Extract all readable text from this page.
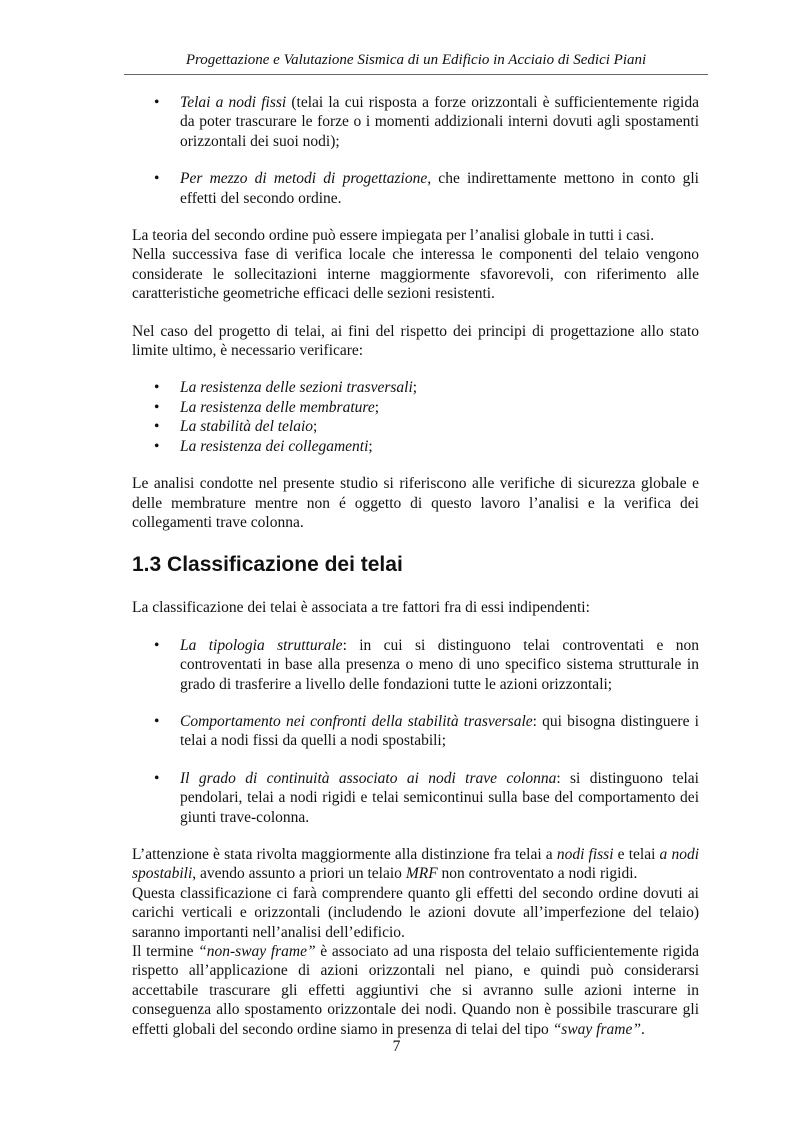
Progettazione e Valutazione Sismica di un Edificio in Acciaio di Sedici Piani
• Telai a nodi fissi (telai la cui risposta a forze orizzontali è sufficientemente rigida da poter trascurare le forze o i momenti addizionali interni dovuti agli spostamenti orizzontali dei suoi nodi);
• Per mezzo di metodi di progettazione, che indirettamente mettono in conto gli effetti del secondo ordine.

La teoria del secondo ordine può essere impiegata per l’analisi globale in tutti i casi.

Nella successiva fase di verifica locale che interessa le componenti del telaio vengono considerate le sollecitazioni interne maggiormente sfavorevoli, con riferimento alle caratteristiche geometriche efficaci delle sezioni resistenti.

Nel caso del progetto di telai, ai fini del rispetto dei principi di progettazione allo stato limite ultimo, è necessario verificare:

• La resistenza delle sezioni trasversali;
• La resistenza delle membrature;
• La stabilità del telaio;
• La resistenza dei collegamenti;

Le analisi condotte nel presente studio si riferiscono alle verifiche di sicurezza globale e delle membrature mentre non é oggetto di questo lavoro l’analisi e la verifica dei collegamenti trave colonna.

1.3 Classificazione dei telai

La classificazione dei telai è associata a tre fattori fra di essi indipendenti:

• La tipologia strutturale: in cui si distinguono telai controventati e non controventati in base alla presenza o meno di uno specifico sistema strutturale in grado di trasferire a livello delle fondazioni tutte le azioni orizzontali;
• Comportamento nei confronti della stabilità trasversale: qui bisogna distinguere i telai a nodi fissi da quelli a nodi spostabili;
• Il grado di continuità associato ai nodi trave colonna: si distinguono telai pendolari, telai a nodi rigidi e telai semicontinui sulla base del comportamento dei giunti trave-colonna.

L’attenzione è stata rivolta maggiormente alla distinzione fra telai a nodi fissi e telai a nodi spostabili, avendo assunto a priori un telaio MRF non controventato a nodi rigidi.

Questa classificazione ci farà comprendere quanto gli effetti del secondo ordine dovuti ai carichi verticali e orizzontali (includendo le azioni dovute all’imperfezione del telaio) saranno importanti nell’analisi dell’edificio.

Il termine “non-sway frame” è associato ad una risposta del telaio sufficientemente rigida rispetto all’applicazione di azioni orizzontali nel piano, e quindi può considerarsi accettabile trascurare gli effetti aggiuntivi che si avranno sulle azioni interne in conseguenza allo spostamento orizzontale dei nodi. Quando non è possibile trascurare gli effetti globali del secondo ordine siamo in presenza di telai del tipo “sway frame”.

7
